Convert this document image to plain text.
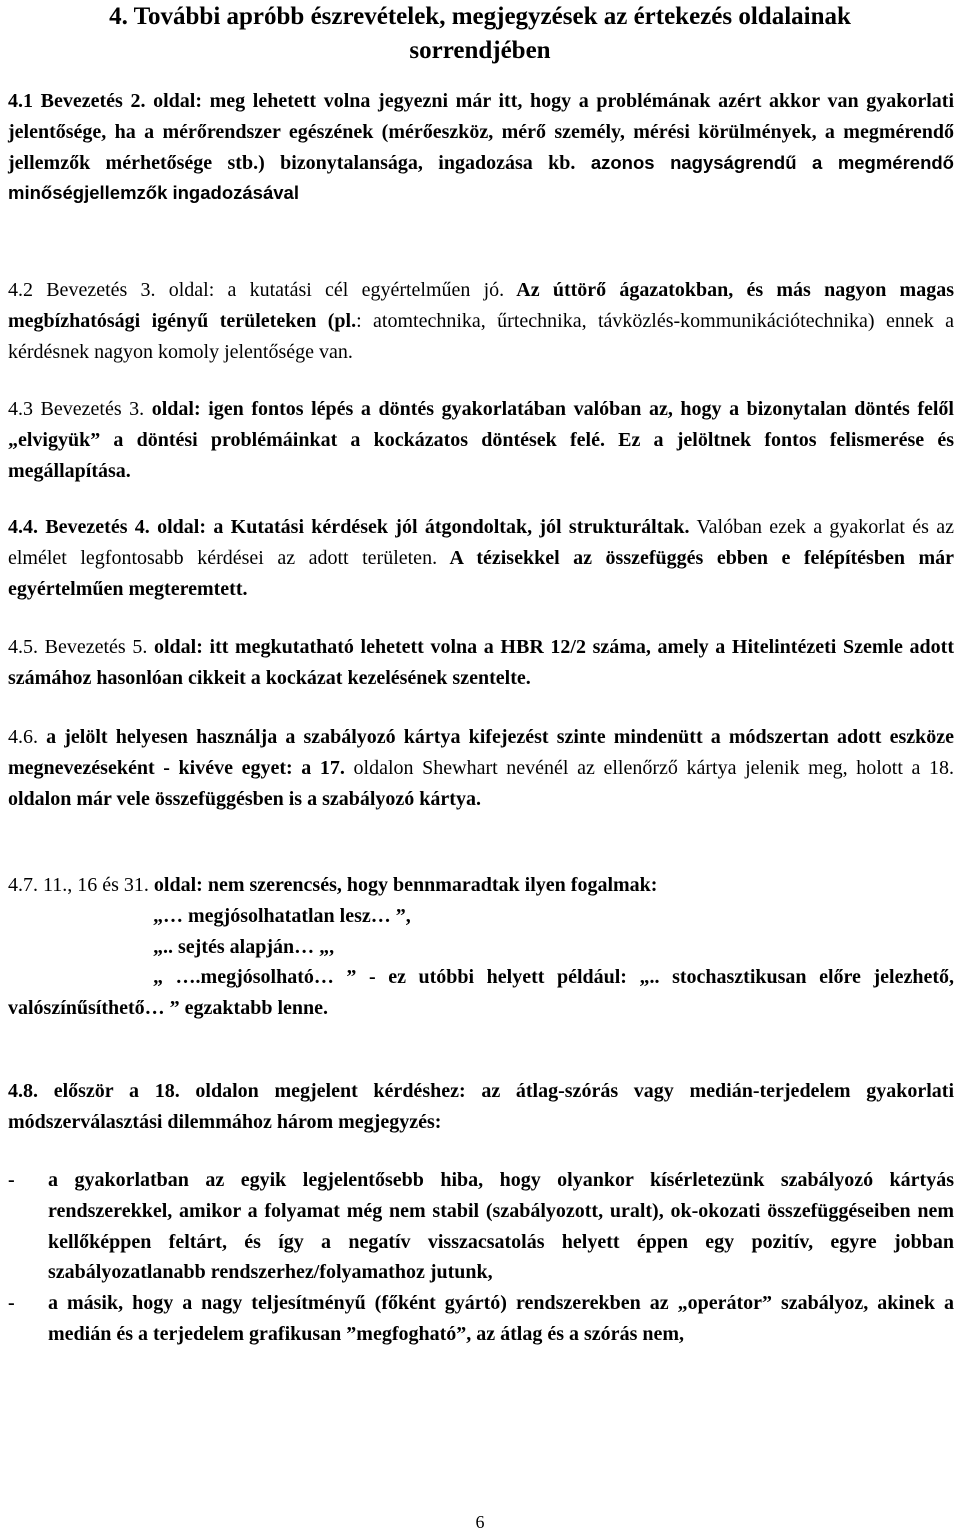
4. További apróbb észrevételek, megjegyzések az értekezés oldalainak
sorrendjében
4.1 Bevezetés 2. oldal: meg lehetett volna jegyezni már itt, hogy a problémának azért akkor van gyakorlati jelentősége, ha a mérőrendszer egészének (mérőeszköz, mérő személy, mérési körülmények, a megmérendő jellemzők mérhetősége stb.) bizonytalansága, ingadozása kb. azonos nagyságrendű a megmérendő minőségjellemzők ingadozásával
4.2 Bevezetés 3. oldal: a kutatási cél egyértelműen jó. Az úttörő ágazatokban, és más nagyon magas megbízhatósági igényű területeken (pl.: atomtechnika, űrtechnika, távközlés-kommunikációtechnika) ennek a kérdésnek nagyon komoly jelentősége van.
4.3 Bevezetés 3. oldal: igen fontos lépés a döntés gyakorlatában valóban az, hogy a bizonytalan döntés felől „elvigyük” a döntési problémáinkat a kockázatos döntések felé. Ez a jelöltnek fontos felismerése és megállapítása.
4.4. Bevezetés 4. oldal: a Kutatási kérdések jól átgondoltak, jól strukturáltak. Valóban ezek a gyakorlat és az elmélet legfontosabb kérdései az adott területen. A tézisekkel az összefüggés ebben e felépítésben már egyértelműen megteremtett.
4.5. Bevezetés 5. oldal: itt megkutatható lehetett volna a HBR 12/2 száma, amely a Hitelintézeti Szemle adott számához hasonlóan cikkeit a kockázat kezelésének szentelte.
4.6. a jelölt helyesen használja a szabályozó kártya kifejezést szinte mindenütt a módszertan adott eszköze megnevezéseként - kivéve egyet: a 17. oldalon Shewhart nevénél az ellenőrző kártya jelenik meg, holott a 18. oldalon már vele összefüggésben is a szabályozó kártya.
4.7. 11., 16 és 31. oldal: nem szerencsés, hogy bennmaradtak ilyen fogalmak:
„… megjósolhatatlan lesz… ”,
„.. sejtés alapján… „,
„ ….megjósolható… ” - ez utóbbi helyett például: „.. stochasztikusan előre jelezhető, valószínűsíthető… ” egzaktabb lenne.
4.8. először a 18. oldalon megjelent kérdéshez: az átlag-szórás vagy medián-terjedelem gyakorlati módszerválasztási dilemmához három megjegyzés:
- a gyakorlatban az egyik legjelentősebb hiba, hogy olyankor kísérletezünk szabályozó kártyás rendszerekkel, amikor a folyamat még nem stabil (szabályozott, uralt), ok-okozati összefüggéseiben nem kellőképpen feltárt, és így a negatív visszacsatolás helyett éppen egy pozitív, egyre jobban szabályozatlanabb rendszerhez/folyamathoz jutunk,
- a másik, hogy a nagy teljesítményű (főként gyártó) rendszerekben az „operátor” szabályoz, akinek a medián és a terjedelem grafikusan ”megfogható”, az átlag és a szórás nem,
6
